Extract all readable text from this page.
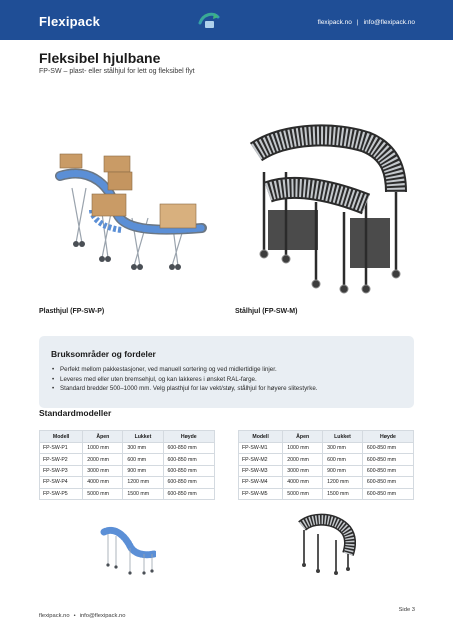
Flexipack	flexipack.no | info@flexipack.no
Fleksibel hjulbane
FP-SW – plast- eller stålhjul for lett og fleksibel flyt
Plasthjul (FP-SW-P)	Stålhjul (FP-SW-M)
Bruksområder og fordeler
• Perfekt mellom pakkestasjoner, ved manuell sortering og ved midlertidige linjer.
• Leveres med eller uten bremsehjul, og kan lakkeres i ønsket RAL-farge.
• Standard bredder 500–1000 mm. Velg plasthjul for lav vekt/støy, stålhjul for høyere slitestyrke.
Standardmodeller
Modell	Åpen	Lukket	Høyde
FP-SW-P1	1000 mm	300 mm	600-850 mm
FP-SW-P2	2000 mm	600 mm	600-850 mm
FP-SW-P3	3000 mm	900 mm	600-850 mm
FP-SW-P4	4000 mm	1200 mm	600-850 mm
FP-SW-P5	5000 mm	1500 mm	600-850 mm
Modell	Åpen	Lukket	Høyde
FP-SW-M1	1000 mm	300 mm	600-850 mm
FP-SW-M2	2000 mm	600 mm	600-850 mm
FP-SW-M3	3000 mm	900 mm	600-850 mm
FP-SW-M4	4000 mm	1200 mm	600-850 mm
FP-SW-M5	5000 mm	1500 mm	600-850 mm
flexipack.no • info@flexipack.no
Side 3
